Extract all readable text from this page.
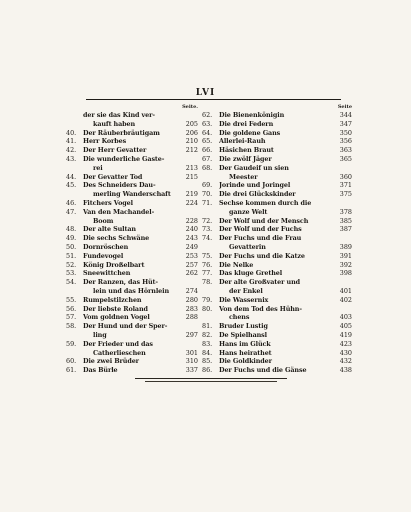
LVI
Seite.
der sie das Kind ver-
kauft haben	205
40.	Der Räuberbräutigam	206
41.	Herr Korbes	210
42.	Der Herr Gevatter	212
43.	Die wunderliche Gaste-
rei	213
44.	Der Gevatter Tod	215
45.	Des Schneiders Dau-
merling Wanderschaft	219
46.	Fitchers Vogel	224
47.	Van den Machandel-
Boom	228
48.	Der alte Sultan	240
49.	Die sechs Schwäne	243
50.	Dornröschen	249
51.	Fundevogel	253
52.	König Droßelbart	257
53.	Sneewittchen	262
54.	Der Ranzen, das Hüt-
lein und das Hörnlein	274
55.	Rumpelstilzchen	280
56.	Der liebste Roland	283
57.	Vom goldnen Vogel	288
58.	Der Hund und der Sper-
ling	297
59.	Der Frieder und das
Catherlieschen	301
60.	Die zwei Brüder	310
61.	Das Bürle	337
Seite
62.	Die Bienenkönigin	344
63.	Die drei Federn	347
64.	Die goldene Gans	350
65.	Allerlei-Rauh	356
66.	Häsichen Braut	363
67.	Die zwölf Jäger	365
68.	Der Gaudeif un sien
Meester	360
69.	Jorinde und Joringel	371
70.	Die drei Glückskinder	375
71.	Sechse kommen durch die
ganze Welt	378
72.	Der Wolf und der Mensch	385
73.	Der Wolf und der Fuchs	387
74.	Der Fuchs und die Frau
Gevatterin	389
75.	Der Fuchs und die Katze	391
76.	Die Nelke	392
77.	Das kluge Grethel	398
78.	Der alte Großvater und
der Enkel	401
79.	Die Wassernix	402
80.	Von dem Tod des Hühn-
chens	403
81.	Bruder Lustig	405
82.	De Spielhansl	419
83.	Hans im Glück	423
84.	Hans heirathet	430
85.	Die Goldkinder	432
86.	Der Fuchs und die Gänse	438
